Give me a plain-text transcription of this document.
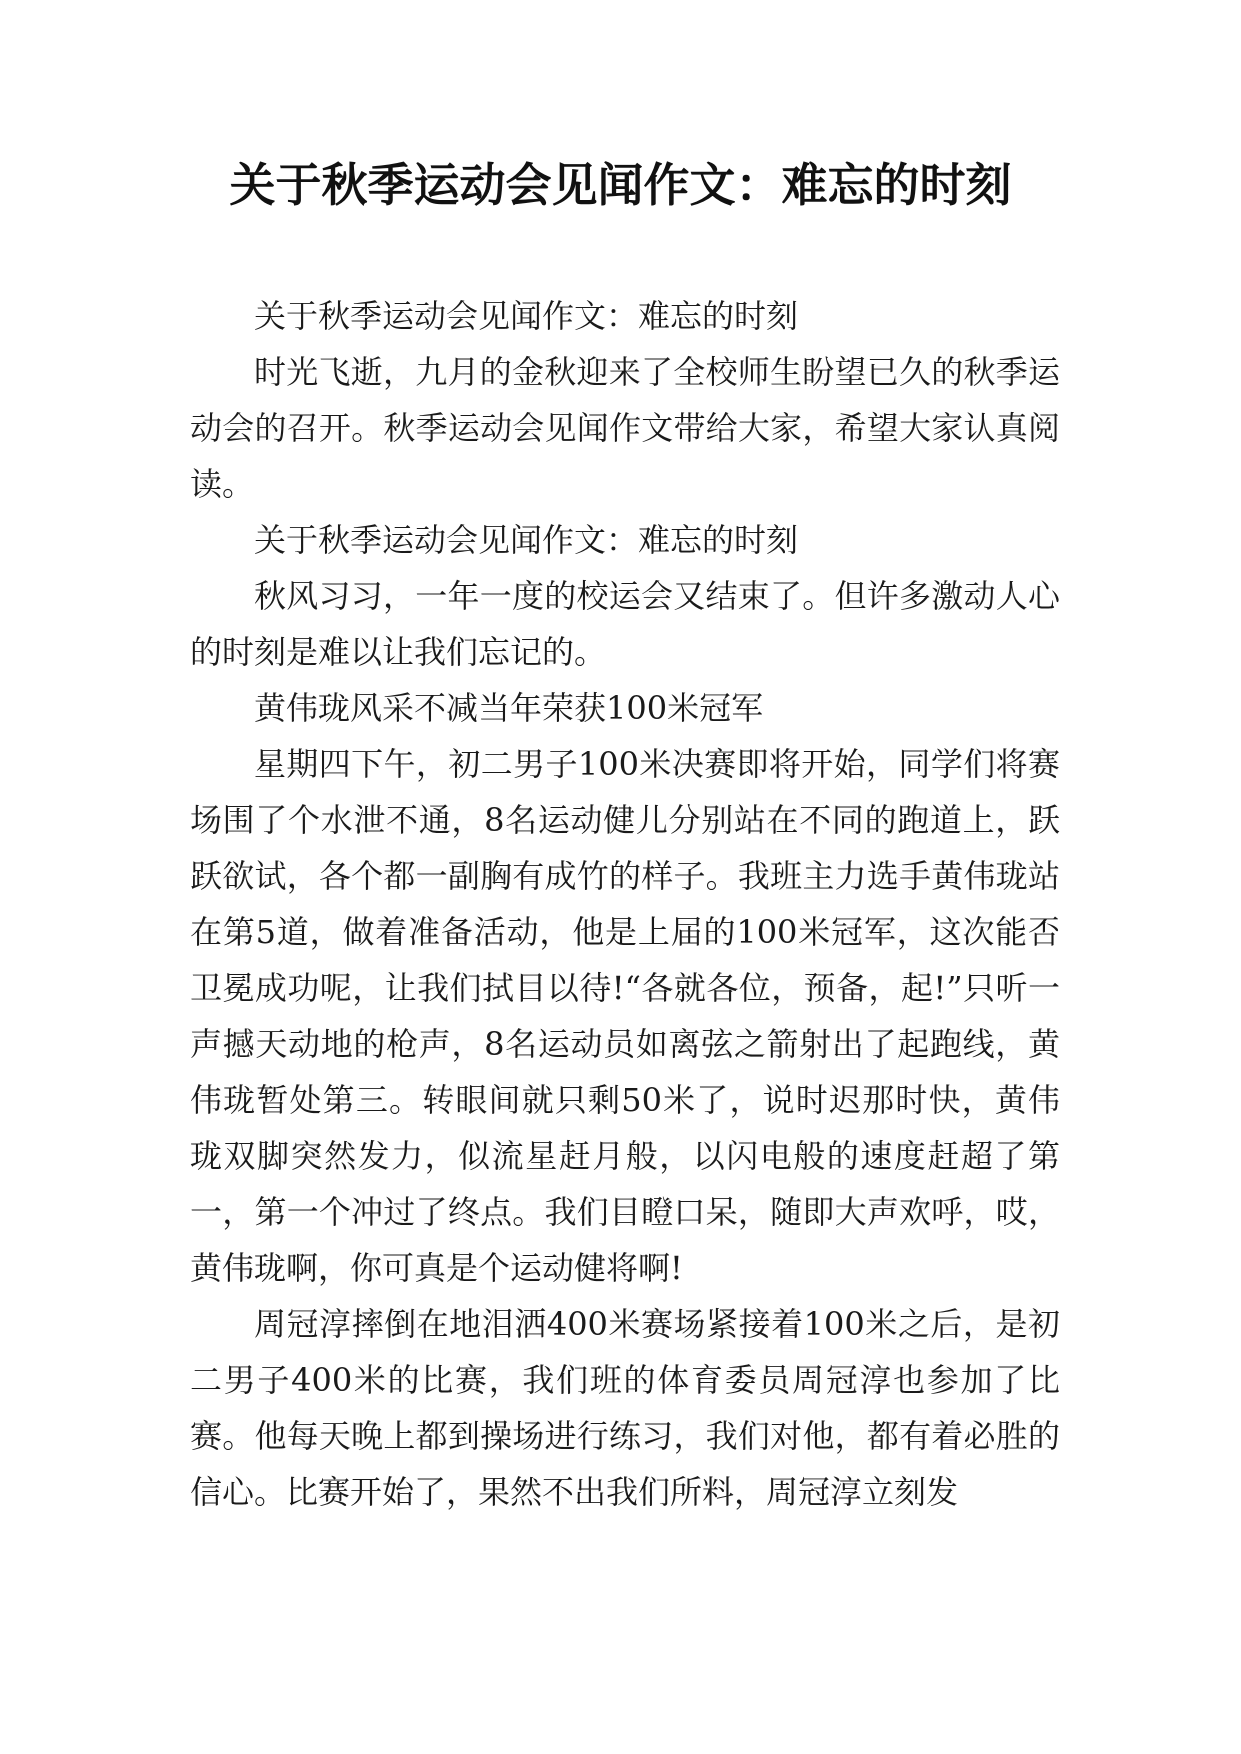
关于秋季运动会见闻作文：难忘的时刻

关于秋季运动会见闻作文：难忘的时刻

时光飞逝，九月的金秋迎来了全校师生盼望已久的秋季运动会的召开。秋季运动会见闻作文带给大家，希望大家认真阅读。

关于秋季运动会见闻作文：难忘的时刻

秋风习习，一年一度的校运会又结束了。但许多激动人心的时刻是难以让我们忘记的。

黄伟珑风采不减当年荣获100米冠军

星期四下午，初二男子100米决赛即将开始，同学们将赛场围了个水泄不通，8名运动健儿分别站在不同的跑道上，跃跃欲试，各个都一副胸有成竹的样子。我班主力选手黄伟珑站在第5道，做着准备活动，他是上届的100米冠军，这次能否卫冕成功呢，让我们拭目以待!“各就各位，预备，起!”只听一声撼天动地的枪声，8名运动员如离弦之箭射出了起跑线，黄伟珑暂处第三。转眼间就只剩50米了，说时迟那时快，黄伟珑双脚突然发力，似流星赶月般，以闪电般的速度赶超了第一，第一个冲过了终点。我们目瞪口呆，随即大声欢呼，哎，黄伟珑啊，你可真是个运动健将啊!

周冠淳摔倒在地泪洒400米赛场紧接着100米之后，是初二男子400米的比赛，我们班的体育委员周冠淳也参加了比赛。他每天晚上都到操场进行练习，我们对他，都有着必胜的信心。比赛开始了，果然不出我们所料，周冠淳立刻发
